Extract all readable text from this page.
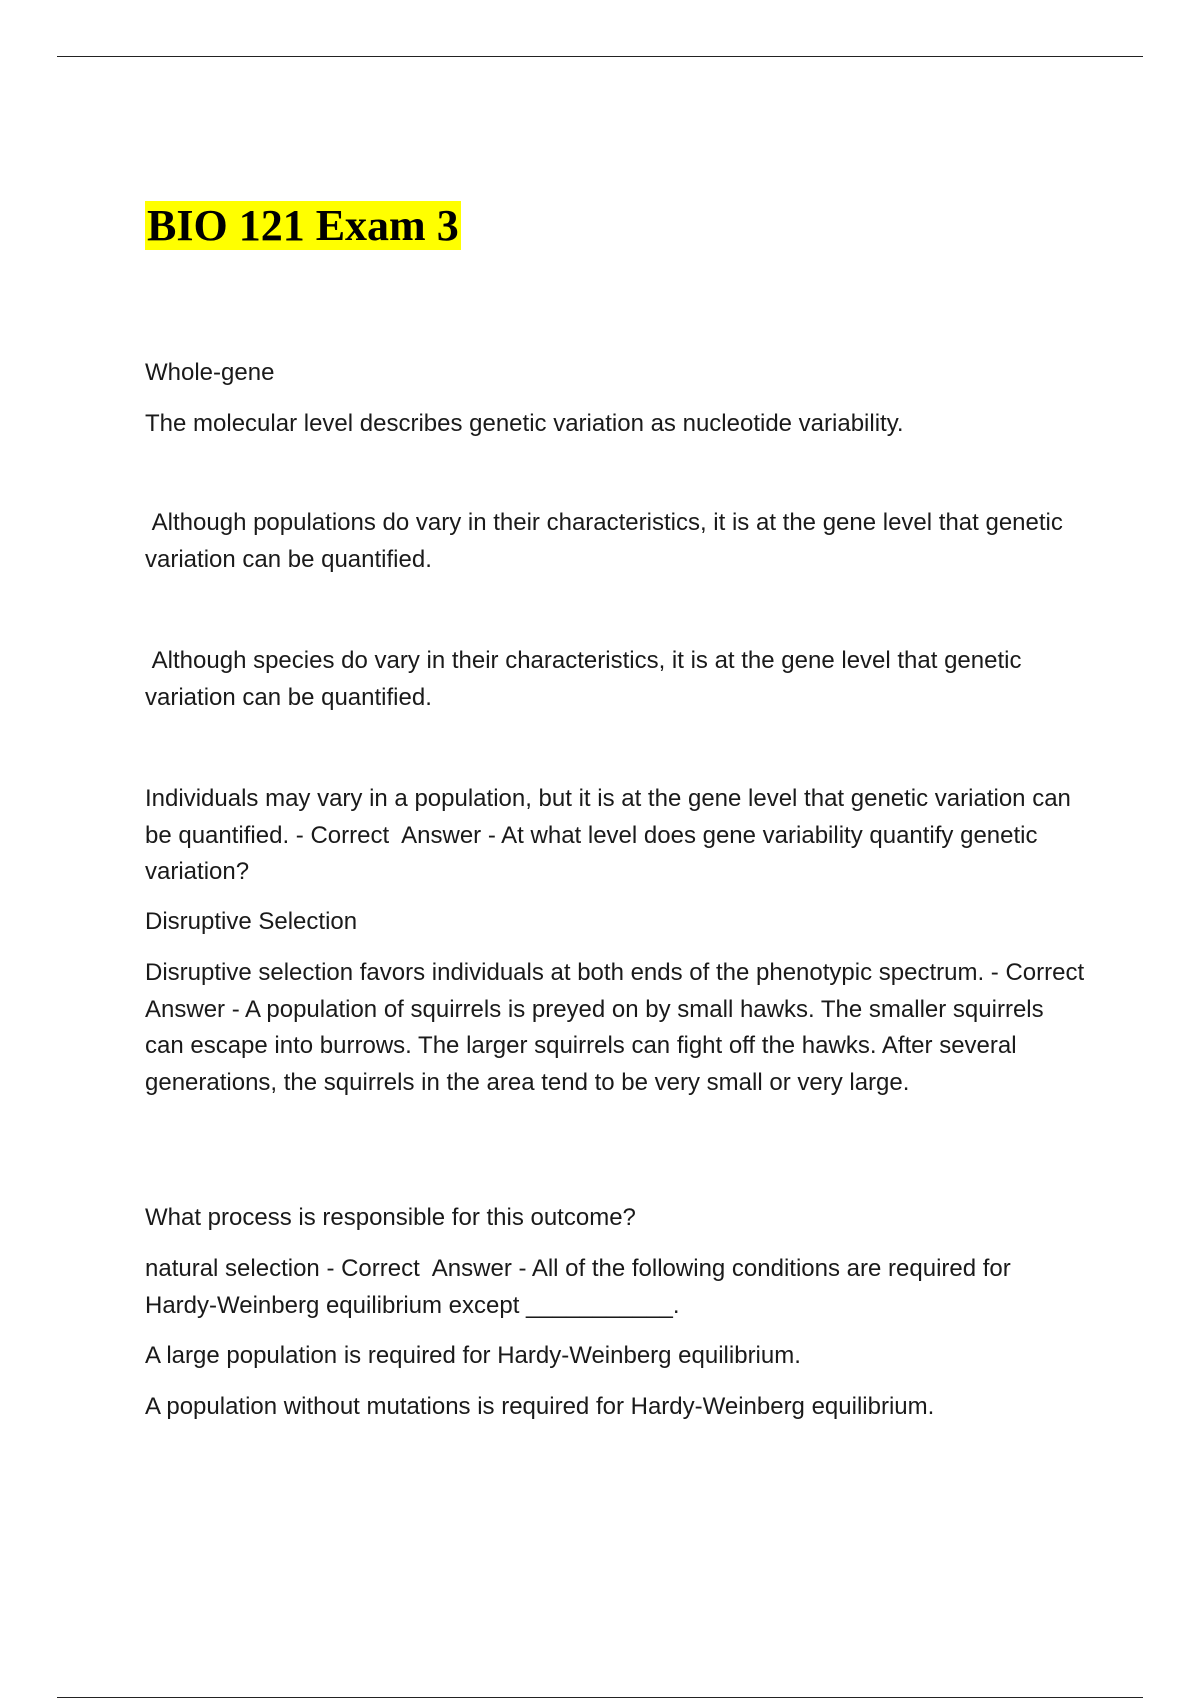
BIO 121 Exam 3

Whole-gene

The molecular level describes genetic variation as nucleotide variability.

Although populations do vary in their characteristics, it is at the gene level that genetic variation can be quantified.

Although species do vary in their characteristics, it is at the gene level that genetic variation can be quantified.

Individuals may vary in a population, but it is at the gene level that genetic variation can be quantified. - Correct  Answer - At what level does gene variability quantify genetic variation?

Disruptive Selection

Disruptive selection favors individuals at both ends of the phenotypic spectrum. - Correct  Answer - A population of squirrels is preyed on by small hawks. The smaller squirrels can escape into burrows. The larger squirrels can fight off the hawks. After several generations, the squirrels in the area tend to be very small or very large.

What process is responsible for this outcome?

natural selection - Correct  Answer - All of the following conditions are required for Hardy-Weinberg equilibrium except ___________.

A large population is required for Hardy-Weinberg equilibrium.

A population without mutations is required for Hardy-Weinberg equilibrium.
